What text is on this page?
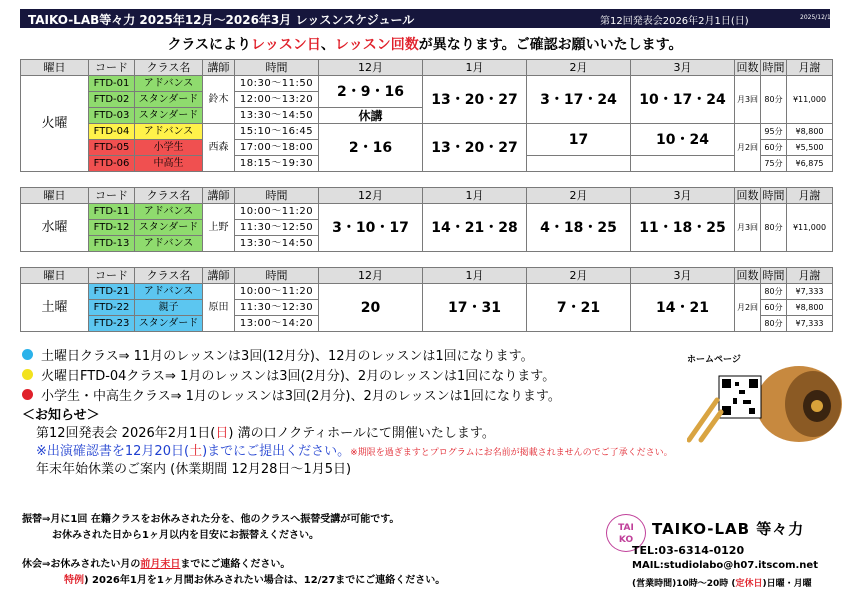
TAIKO-LAB等々力 2025年12月～2026年3月 レッスンスケジュール	第12回発表会2026年2月1日(日)	2025/12/10
クラスによりレッスン日、レッスン回数が異なります。ご確認お願いいたします。
曜日	コード	クラス名	講師	時間	12月	1月	2月	3月	回数	時間	月謝
火曜	FTD-01	アドバンス	鈴木	10:30～11:50	2・9・16	13・20・27	3・17・24	10・17・24	月3回	80分	¥11,000
	FTD-02	スタンダード		12:00～13:20							
	FTD-03	スタンダード		13:30～14:50	休講						
	FTD-04	アドバンス	西森	15:10～16:45	2・16	13・20・27	17	10・24	月2回	95分	¥8,800
	FTD-05	小学生		17:00～18:00						60分	¥5,500
	FTD-06	中高生		18:15～19:30						75分	¥6,875
曜日	コード	クラス名	講師	時間	12月	1月	2月	3月	回数	時間	月謝
水曜	FTD-11	アドバンス	上野	10:00～11:20	3・10・17	14・21・28	4・18・25	11・18・25	月3回	80分	¥11,000
	FTD-12	スタンダード		11:30～12:50							
	FTD-13	アドバンス		13:30～14:50							
曜日	コード	クラス名	講師	時間	12月	1月	2月	3月	回数	時間	月謝
土曜	FTD-21	アドバンス	原田	10:00～11:20	20	17・31	7・21	14・21	月2回	80分	¥7,333
	FTD-22	親子		11:30～12:30						60分	¥8,800
	FTD-23	スタンダード		13:00～14:20						80分	¥7,333
土曜日クラス⇒ 11月のレッスンは3回(12月分)、12月のレッスンは1回になります。
火曜日FTD-04クラス⇒ 1月のレッスンは3回(2月分)、2月のレッスンは1回になります。
小学生・中高生クラス⇒ 1月のレッスンは3回(2月分)、2月のレッスンは1回になります。
＜お知らせ＞
第12回発表会 2026年2月1日(日) 溝の口ノクティホールにて開催いたします。
※出演確認書を12月20日(土)までにご提出ください。※期限を過ぎますとプログラムにお名前が掲載されませんのでご了承ください。
年末年始休業のご案内 (休業期間 12月28日～1月5日)
ホームページ
振替⇒月に1回 在籍クラスをお休みされた分を、他のクラスへ振替受講が可能です。
お休みされた日から1ヶ月以内を目安にお振替えください。
休会⇒お休みされたい月の前月末日までにご連絡ください。
特例) 2026年1月を1ヶ月間お休みされたい場合は、12/27までにご連絡ください。
TAI
KO
TAIKO-LAB 等々力
TEL:03-6314-0120
MAIL:studiolabo@h07.itscom.net
(営業時間)10時～20時 (定休日)日曜・月曜
